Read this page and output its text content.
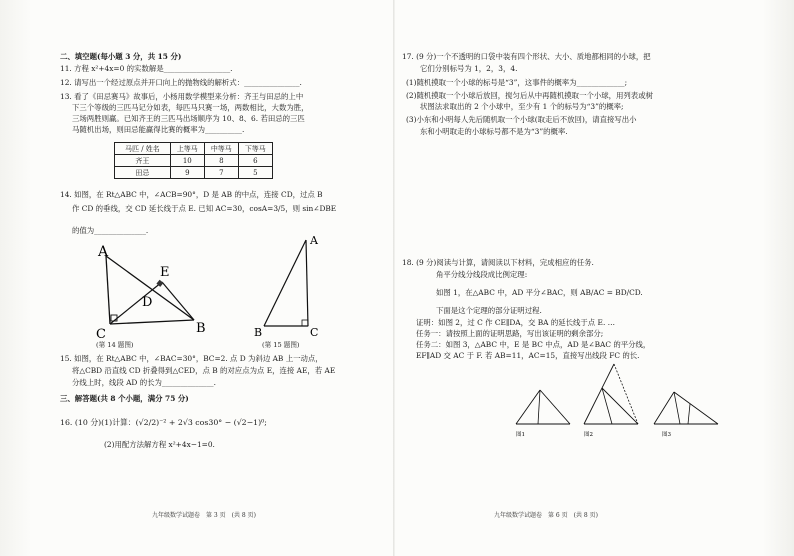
二、填空题(每小题 3 分，共 15 分)
11. 方程 x²+4x=0 的实数解是__________________.
12. 请写出一个经过原点并开口向上的抛物线的解析式：_______________.
13. 看了《田忌赛马》故事后，小杨用数学模型来分析：齐王与田忌的上中
下三个等级的三匹马记分如表，每匹马只赛一场，两数相比，大数为胜，
三场两胜则赢。已知齐王的三匹马出场顺序为 10、8、6. 若田忌的三匹
马随机出场，则田忌能赢得比赛的概率为__________.
马匹 / 姓名	上等马	中等马	下等马
齐王	10	8	6
田忌	9	7	5
14. 如图，在 Rt△ABC 中，∠ACB=90°，D 是 AB 的中点，连接 CD，过点 B
作 CD 的垂线，交 CD 延长线于点 E. 已知 AC=30，cosA=3/5，则 sin∠DBE
的值为______________.
A
E
D
C	B
A
B	C
(第 14 题图)	(第 15 题图)
15. 如图，在 Rt△ABC 中，∠BAC=30°，BC=2. 点 D 为斜边 AB 上一动点，
将△CBD 沿直线 CD 折叠得到△CED，点 B 的对应点为点 E，连接 AE，若 AE
分线上时，线段 AD 的长为______________.
三、解答题(共 8 个小题，满分 75 分)
16. (10 分)(1)计算：(√2/2)⁻² + 2√3 cos30° − (√2−1)⁰;
(2)用配方法解方程 x²+4x−1=0.
九年级数学试题卷　第 3 页　(共 8 页)
17. (9 分)一个不透明的口袋中装有四个形状、大小、质地都相同的小球，把
它们分别标号为 1，2，3，4.
(1)随机摸取一个小球的标号是“3”，这事件的概率为_____________;
(2)随机摸取一个小球后放回，搅匀后从中再随机摸取一个小球，用列表或树
状图法求取出的 2 个小球中，至少有 1 个的标号为“3”的概率;
(3)小东和小明每人先后随机取一个小球(取走后不放回)，请直接写出小
东和小明取走的小球标号都不是为“3”的概率.
18. (9 分)阅读与计算，请阅读以下材料，完成相应的任务.
角平分线分线段成比例定理:
如图 1，在△ABC 中，AD 平分∠BAC，则 AB/AC = BD/CD.
下面是这个定理的部分证明过程.
证明：如图 2，过 C 作 CE∥DA，交 BA 的延长线于点 E. …
任务一：请按照上面的证明思路，写出该证明的剩余部分;
任务二：如图 3，△ABC 中，E 是 BC 中点，AD 是∠BAC 的平分线，
EF∥AD 交 AC 于 F. 若 AB=11，AC=15，直接写出线段 FC 的长.
图1	图2	图3
九年级数学试题卷　第 6 页　(共 8 页)
